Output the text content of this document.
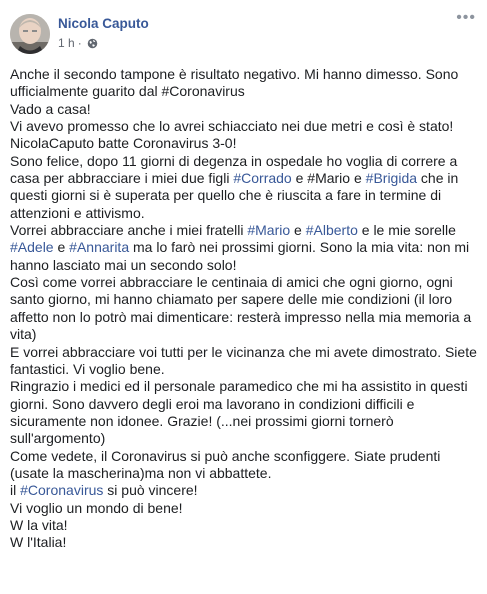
Nicola Caputo
1 h ·
•••

Anche il secondo tampone è risultato negativo. Mi hanno dimesso. Sono ufficialmente guarito dal #Coronavirus

Vado a casa!

Vi avevo promesso che lo avrei schiacciato nei due metri e così è stato! NicolaCaputo batte Coronavirus 3-0!

Sono felice, dopo 11 giorni di degenza in ospedale ho voglia di correre a casa per abbracciare i miei due figli #Corrado e #Mario e #Brigida che in questi giorni si è superata per quello che è riuscita a fare in termine di attenzioni e attivismo.

Vorrei abbracciare anche i miei fratelli #Mario e #Alberto e le mie sorelle #Adele e #Annarita ma lo farò nei prossimi giorni. Sono la mia vita: non mi hanno lasciato mai un secondo solo!

Così come vorrei abbracciare le centinaia di amici che ogni giorno, ogni santo giorno, mi hanno chiamato per sapere delle mie condizioni (il loro affetto non lo potrò mai dimenticare: resterà impresso nella mia memoria a vita)

E vorrei abbracciare voi tutti per le vicinanza che mi avete dimostrato. Siete fantastici. Vi voglio bene.

Ringrazio i medici ed il personale paramedico che mi ha assistito in questi giorni. Sono davvero degli eroi ma lavorano in condizioni difficili e sicuramente non idonee. Grazie! (...nei prossimi giorni tornerò sull'argomento)

Come vedete, il Coronavirus si può anche sconfiggere. Siate prudenti (usate la mascherina)ma non vi abbattete.

il #Coronavirus si può vincere!

Vi voglio un mondo di bene!

W la vita!

W l'Italia!
